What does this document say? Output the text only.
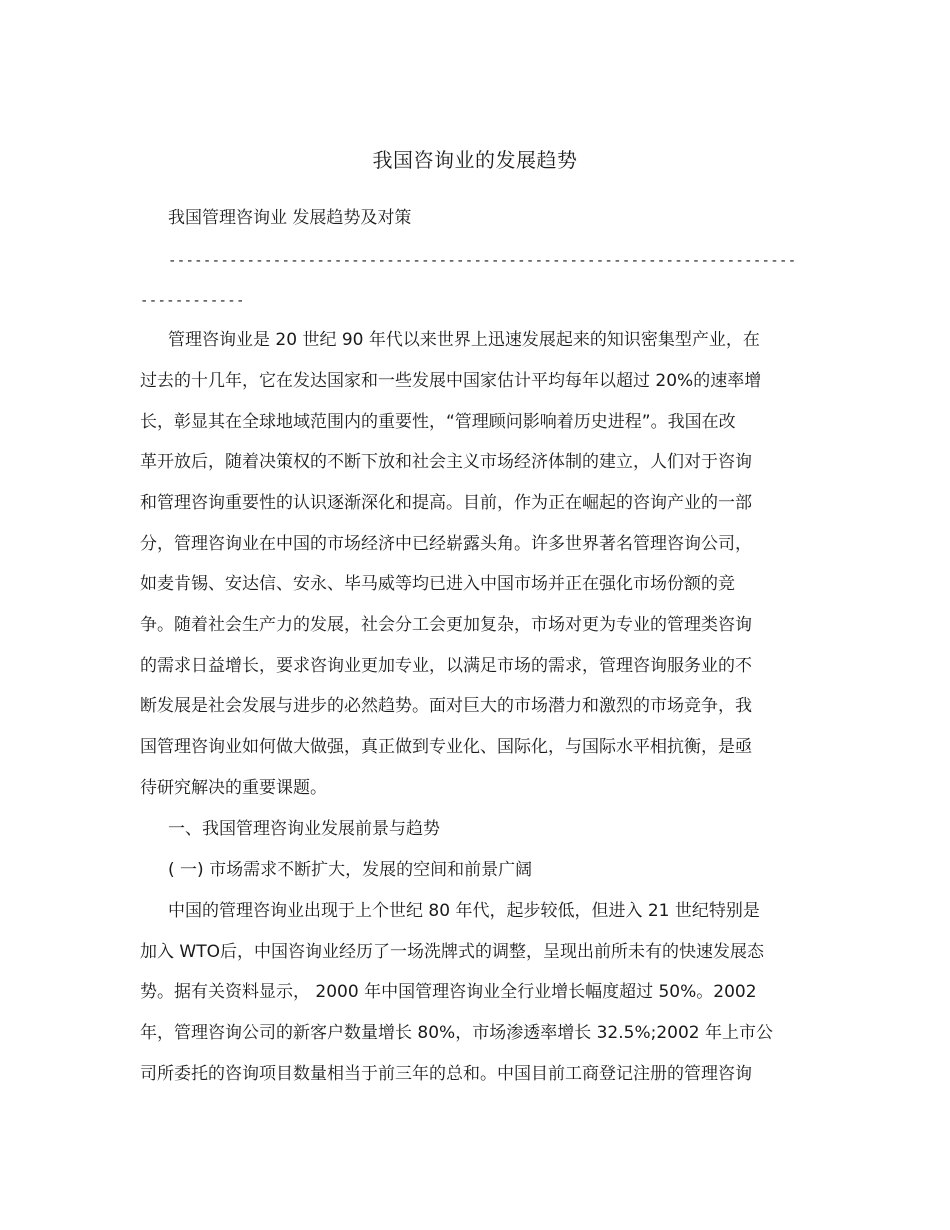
我国咨询业的发展趋势
我国管理咨询业 发展趋势及对策
------------------------------------------------------------------------
------------
管理咨询业是 20 世纪 90 年代以来世界上迅速发展起来的知识密集型产业，在
过去的十几年，它在发达国家和一些发展中国家估计平均每年以超过 20%的速率增
长，彰显其在全球地域范围内的重要性，“管理顾问影响着历史进程”。我国在改
革开放后，随着决策权的不断下放和社会主义市场经济体制的建立，人们对于咨询
和管理咨询重要性的认识逐渐深化和提高。目前，作为正在崛起的咨询产业的一部
分，管理咨询业在中国的市场经济中已经崭露头角。许多世界著名管理咨询公司，
如麦肯锡、安达信、安永、毕马威等均已进入中国市场并正在强化市场份额的竞
争。随着社会生产力的发展，社会分工会更加复杂，市场对更为专业的管理类咨询
的需求日益增长，要求咨询业更加专业，以满足市场的需求，管理咨询服务业的不
断发展是社会发展与进步的必然趋势。面对巨大的市场潜力和激烈的市场竞争，我
国管理咨询业如何做大做强，真正做到专业化、国际化，与国际水平相抗衡，是亟
待研究解决的重要课题。
一、我国管理咨询业发展前景与趋势
( 一) 市场需求不断扩大，发展的空间和前景广阔
中国的管理咨询业出现于上个世纪 80 年代，起步较低，但进入 21 世纪特别是
加入 WTO后，中国咨询业经历了一场洗牌式的调整，呈现出前所未有的快速发展态
势。据有关资料显示， 2000 年中国管理咨询业全行业增长幅度超过 50%。2002
年，管理咨询公司的新客户数量增长 80%，市场渗透率增长 32.5%;2002 年上市公
司所委托的咨询项目数量相当于前三年的总和。中国目前工商登记注册的管理咨询
